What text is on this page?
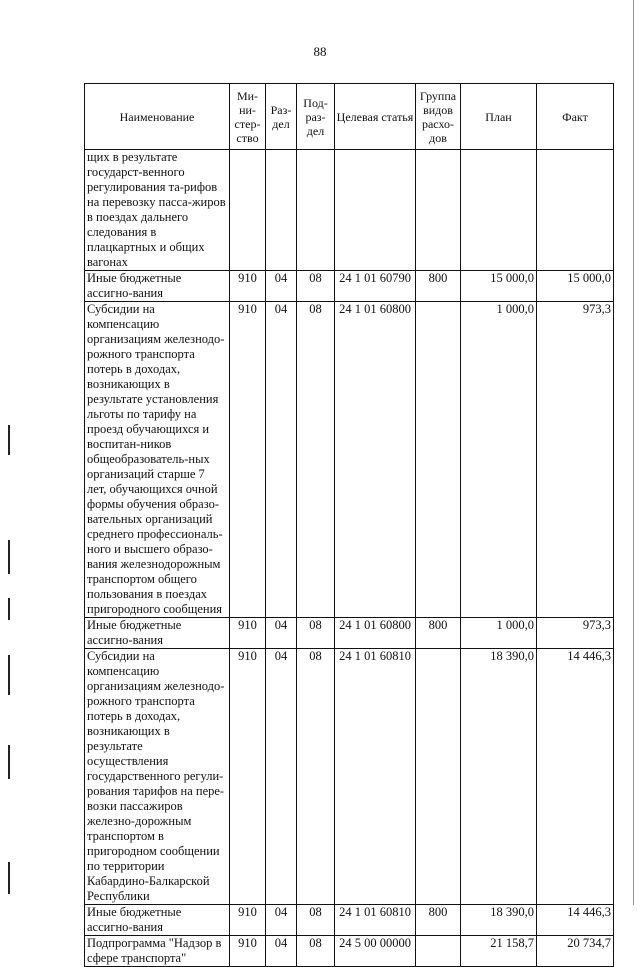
88
Наименование	Ми-ни-стер-ство	Раз-дел	Под-раз-дел	Целевая статья	Группа видов расхо-дов	План	Факт
щих в результате государст-венного регулирования та-рифов на перевозку пасса-жиров в поездах дальнего следования в плацкартных и общих вагонах							
Иные бюджетные ассигно-вания	910	04	08	24 1 01 60790	800	15 000,0	15 000,0
Субсидии на компенсацию организациям железнодо-рожного транспорта потерь в доходах, возникающих в результате установления льготы по тарифу на проезд обучающихся и воспитан-ников общеобразователь-ных организаций старше 7 лет, обучающихся очной формы обучения образо-вательных организаций среднего профессиональ-ного и высшего образо-вания железнодорожным транспортом общего пользования в поездах пригородного сообщения	910	04	08	24 1 01 60800		1 000,0	973,3
Иные бюджетные ассигно-вания	910	04	08	24 1 01 60800	800	1 000,0	973,3
Субсидии на компенсацию организациям железнодо-рожного транспорта потерь в доходах, возникающих в результате осуществления государственного регули-рования тарифов на пере-возки пассажиров железно-дорожным транспортом в пригородном сообщении по территории Кабардино-Балкарской Республики	910	04	08	24 1 01 60810		18 390,0	14 446,3
Иные бюджетные ассигно-вания	910	04	08	24 1 01 60810	800	18 390,0	14 446,3
Подпрограмма "Надзор в сфере транспорта"	910	04	08	24 5 00 00000		21 158,7	20 734,7
